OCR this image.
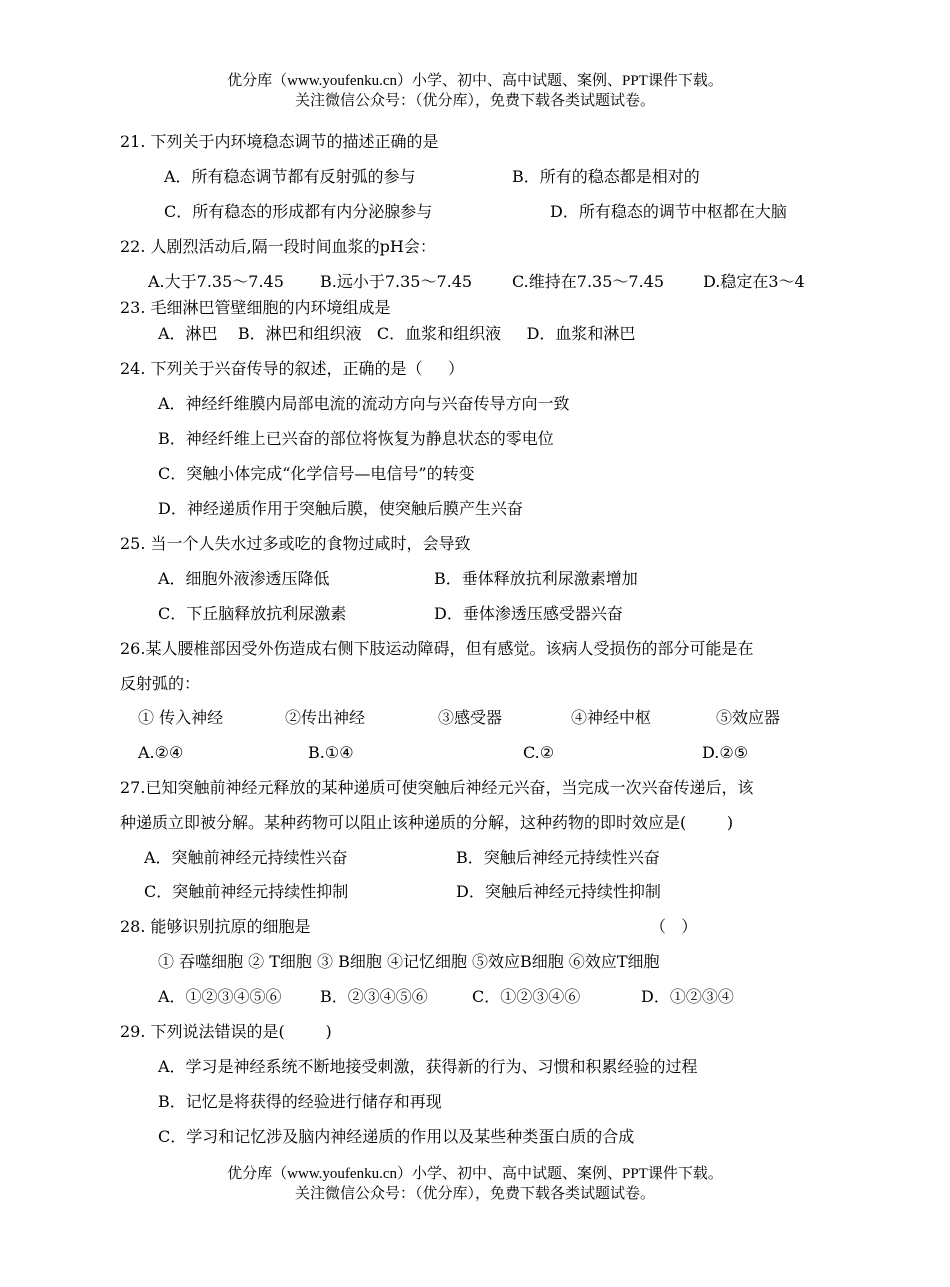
优分库（www.youfenku.cn）小学、初中、高中试题、案例、PPT课件下载。
关注微信公众号：（优分库），免费下载各类试题试卷。
21. 下列关于内环境稳态调节的描述正确的是
A．所有稳态调节都有反射弧的参与	B．所有的稳态都是相对的
C．所有稳态的形成都有内分泌腺参与	D．所有稳态的调节中枢都在大脑
22. 人剧烈活动后,隔一段时间血浆的pH会：
A.大于7.35～7.45 B.远小于7.35～7.45 C.维持在7.35～7.45 D.稳定在3～4
23. 毛细淋巴管壁细胞的内环境组成是
A．淋巴    B．淋巴和组织液   C．血浆和组织液     D．血浆和淋巴
24. 下列关于兴奋传导的叙述，正确的是（     ）
A．神经纤维膜内局部电流的流动方向与兴奋传导方向一致
B．神经纤维上已兴奋的部位将恢复为静息状态的零电位
C．突触小体完成“化学信号—电信号”的转变
D．神经递质作用于突触后膜，使突触后膜产生兴奋
25. 当一个人失水过多或吃的食物过咸时，会导致
A．细胞外液渗透压降低	B．垂体释放抗利尿激素增加
C．下丘脑释放抗利尿激素	D．垂体渗透压感受器兴奋
26.某人腰椎部因受外伤造成右侧下肢运动障碍，但有感觉。该病人受损伤的部分可能是在
反射弧的：
① 传入神经	②传出神经	③感受器	④神经中枢	⑤效应器
A.②④	B.①④	C.②	D.②⑤
27.已知突触前神经元释放的某种递质可使突触后神经元兴奋，当完成一次兴奋传递后，该
种递质立即被分解。某种药物可以阻止该种递质的分解，这种药物的即时效应是(        )
A．突触前神经元持续性兴奋	B．突触后神经元持续性兴奋
C．突触前神经元持续性抑制	D．突触后神经元持续性抑制
28. 能够识别抗原的细胞是	（   ）
① 吞噬细胞 ② T细胞 ③ B细胞 ④记忆细胞 ⑤效应B细胞 ⑥效应T细胞
A．①②③④⑤⑥ B．②③④⑤⑥	C．①②③④⑥	D．①②③④
29. 下列说法错误的是(        )
A．学习是神经系统不断地接受刺激，获得新的行为、习惯和积累经验的过程
B．记忆是将获得的经验进行储存和再现
C．学习和记忆涉及脑内神经递质的作用以及某些种类蛋白质的合成
优分库（www.youfenku.cn）小学、初中、高中试题、案例、PPT课件下载。
关注微信公众号：（优分库），免费下载各类试题试卷。
